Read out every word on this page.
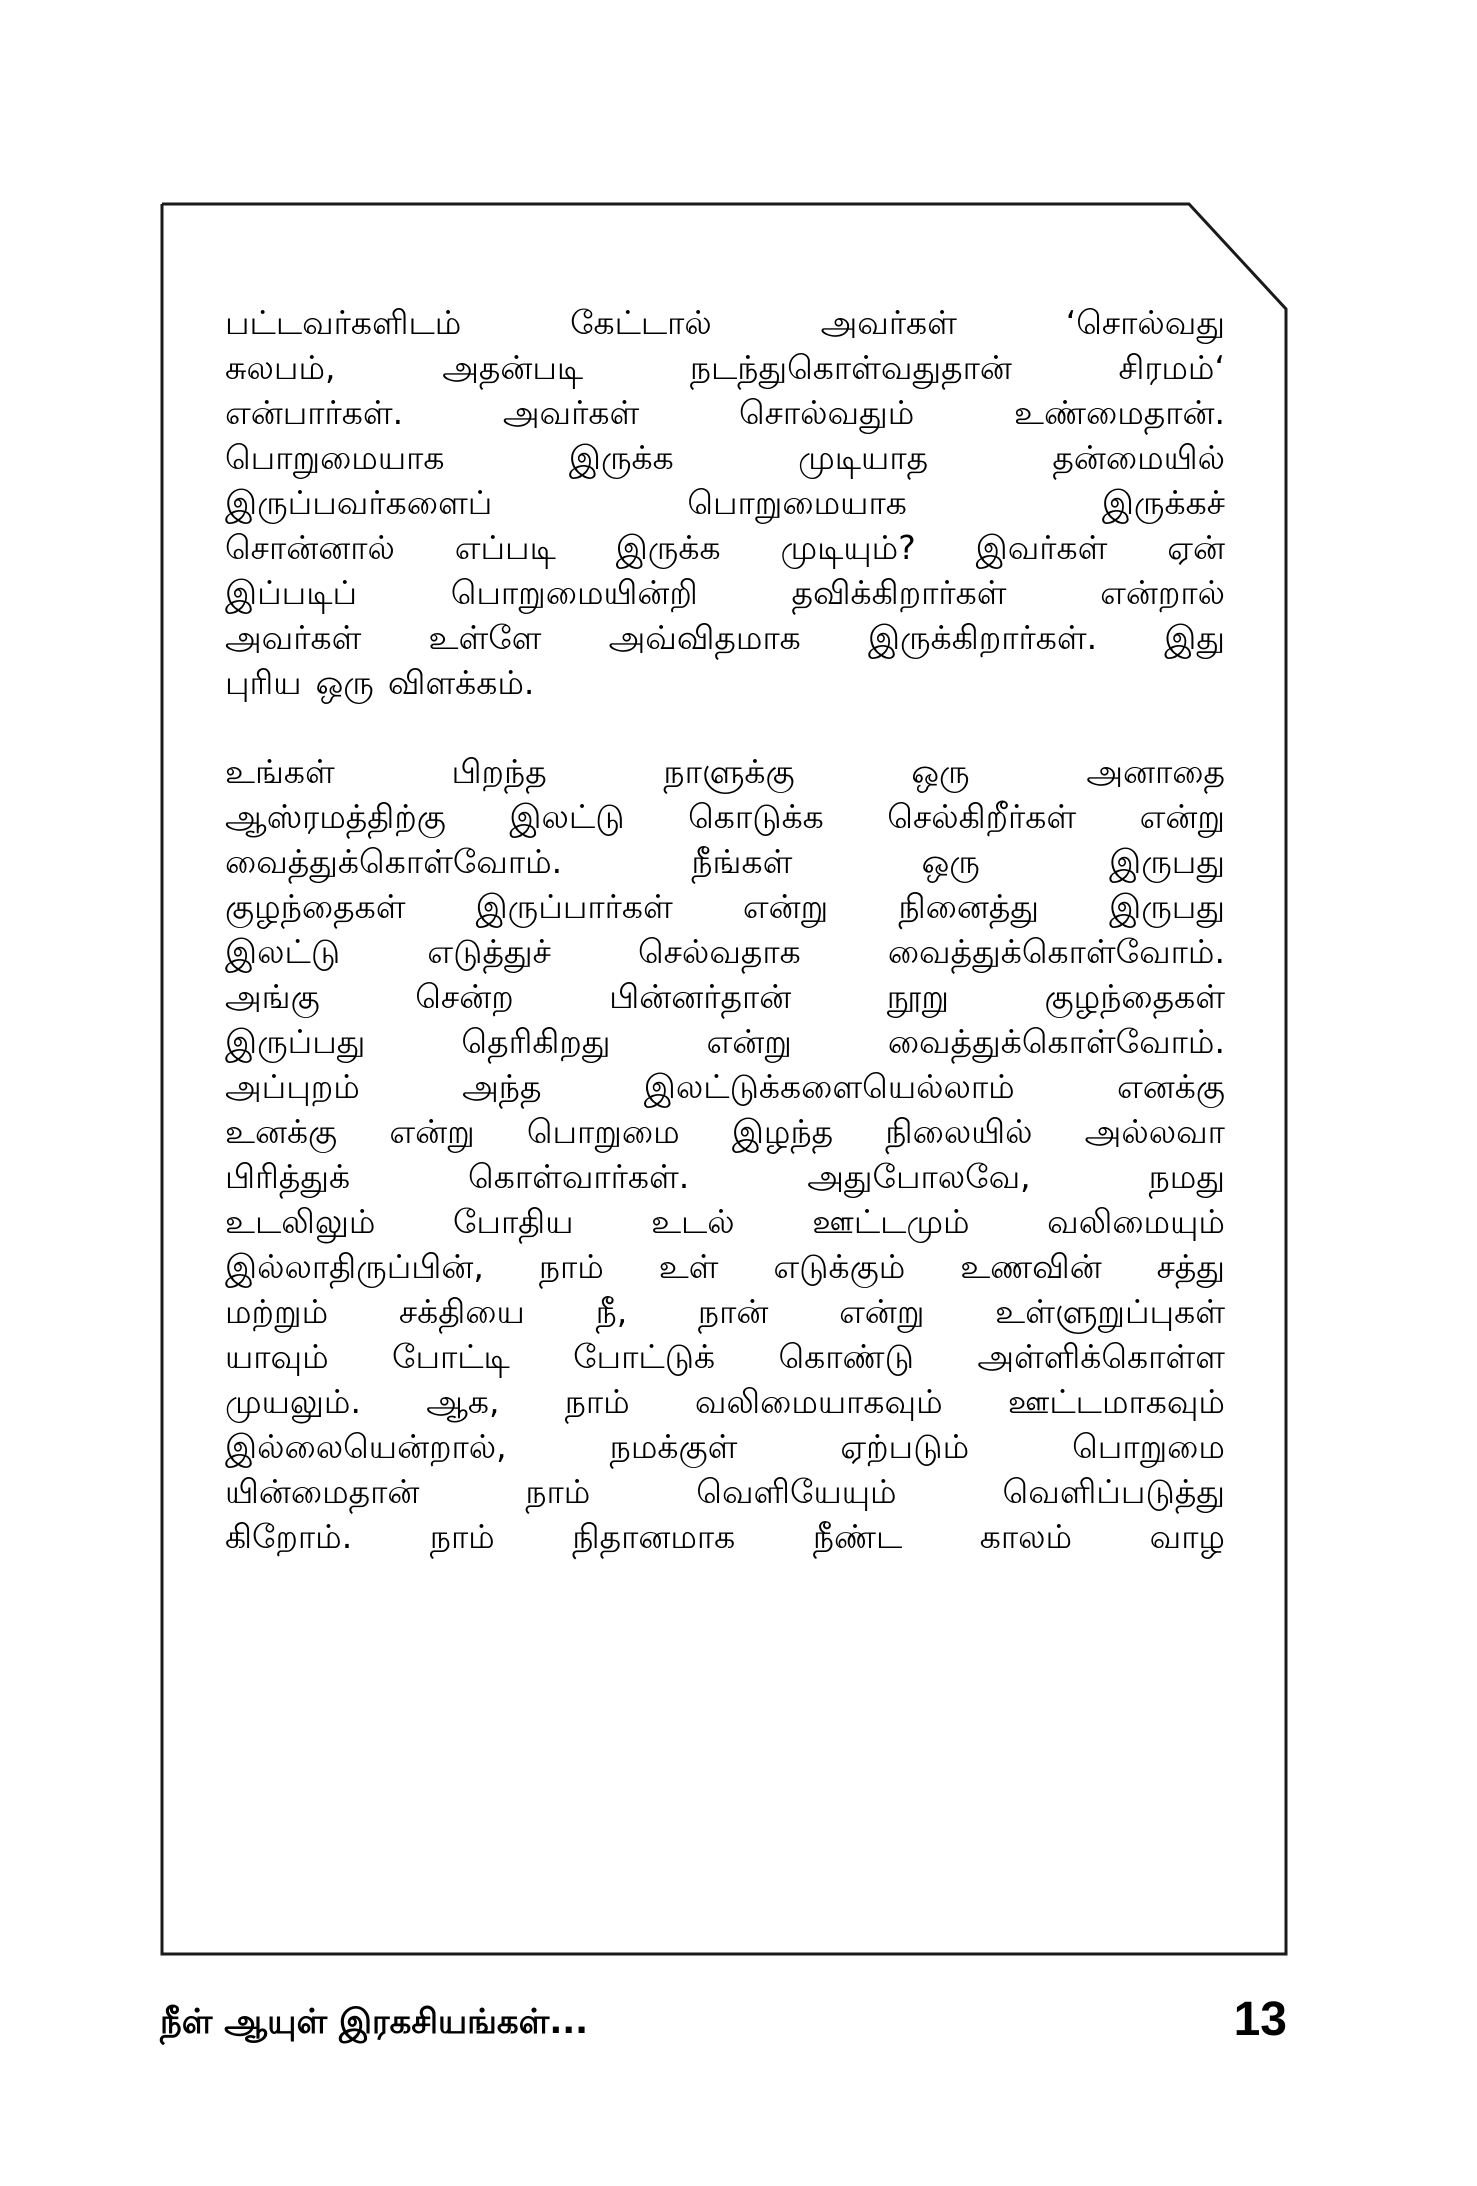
பட்டவர்களிடம்	கேட்டால்	அவர்கள்	‘சொல்வது
சுலபம்,	அதன்படி	நடந்துகொள்வதுதான்	சிரமம்‘
என்பார்கள்.	அவர்கள்	சொல்வதும்	உண்மைதான்.
பொறுமையாக	இருக்க	முடியாத	தன்மையில்
இருப்பவர்களைப்	பொறுமையாக	இருக்கச்
சொன்னால் எப்படி இருக்க முடியும்? இவர்கள் ஏன்
இப்படிப்	பொறுமையின்றி	தவிக்கிறார்கள்	என்றால்
அவர்கள் உள்ளே அவ்விதமாக இருக்கிறார்கள். இது
புரிய ஒரு விளக்கம்.
உங்கள்	பிறந்த	நாளுக்கு	ஒரு	அனாதை
ஆஸ்ரமத்திற்கு இலட்டு கொடுக்க செல்கிறீர்கள் என்று
வைத்துக்கொள்வோம்.	நீங்கள்	ஒரு	இருபது
குழந்தைகள் இருப்பார்கள் என்று நினைத்து இருபது
இலட்டு	எடுத்துச்	செல்வதாக	வைத்துக்கொள்வோம்.
அங்கு	சென்ற	பின்னர்தான்	நூறு	குழந்தைகள்
இருப்பது	தெரிகிறது	என்று	வைத்துக்கொள்வோம்.
அப்புறம்	அந்த	இலட்டுக்களையெல்லாம்	எனக்கு
உனக்கு என்று பொறுமை இழந்த நிலையில் அல்லவா
பிரித்துக்	கொள்வார்கள்.	அதுபோலவே,	நமது
உடலிலும் போதிய உடல் ஊட்டமும் வலிமையும்
இல்லாதிருப்பின், நாம் உள் எடுக்கும் உணவின் சத்து
மற்றும் சக்தியை நீ, நான் என்று உள்ளுறுப்புகள்
யாவும் போட்டி போட்டுக் கொண்டு அள்ளிக்கொள்ள
முயலும். ஆக, நாம் வலிமையாகவும் ஊட்டமாகவும்
இல்லையென்றால்,	நமக்குள்	ஏற்படும்	பொறுமை
யின்மைதான்	நாம்	வெளியேயும்	வெளிப்படுத்து
கிறோம். நாம் நிதானமாக நீண்ட காலம் வாழ
நீள் ஆயுள் இரகசியங்கள்...	13
